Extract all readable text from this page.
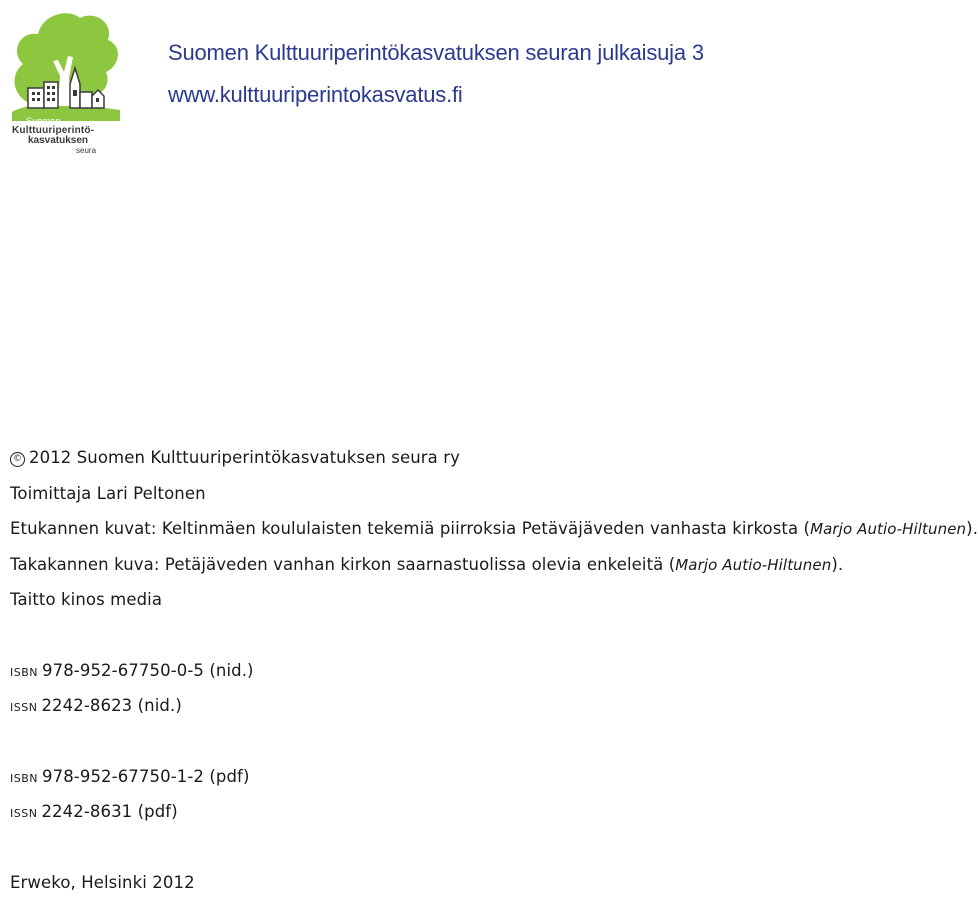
Suomen
Kulttuuriperintö-
kasvatuksen
seura
Suomen Kulttuuriperintökasvatuksen seuran julkaisuja 3
www.kulttuuriperintokasvatus.fi
© 2012 Suomen Kulttuuriperintökasvatuksen seura ry
Toimittaja Lari Peltonen
Etukannen kuvat: Keltinmäen koululaisten tekemiä piirroksia Petäväjäveden vanhasta kirkosta (Marjo Autio-Hiltunen).
Takakannen kuva: Petäjäveden vanhan kirkon saarnastuolissa olevia enkeleitä (Marjo Autio-Hiltunen).
Taitto kinos media
ISBN 978-952-67750-0-5 (nid.)
ISSN 2242-8623 (nid.)
ISBN 978-952-67750-1-2 (pdf)
ISSN 2242-8631 (pdf)
Erweko, Helsinki 2012
